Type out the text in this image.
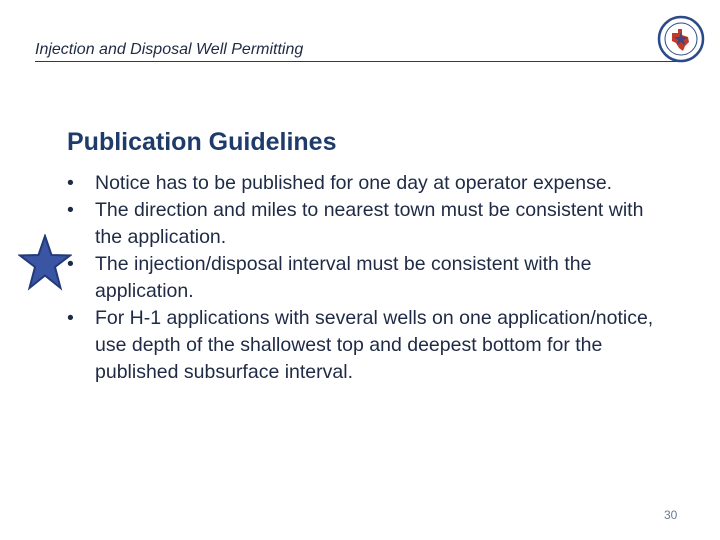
Injection and Disposal Well Permitting
Publication Guidelines
•	Notice has to be published for one day at operator expense.
•	The direction and miles to nearest town must be consistent with the application.
•	The injection/disposal interval must be consistent with the application.
•	For H-1 applications with several wells on one application/notice, use depth of the shallowest top and deepest bottom for the published subsurface interval.
30
